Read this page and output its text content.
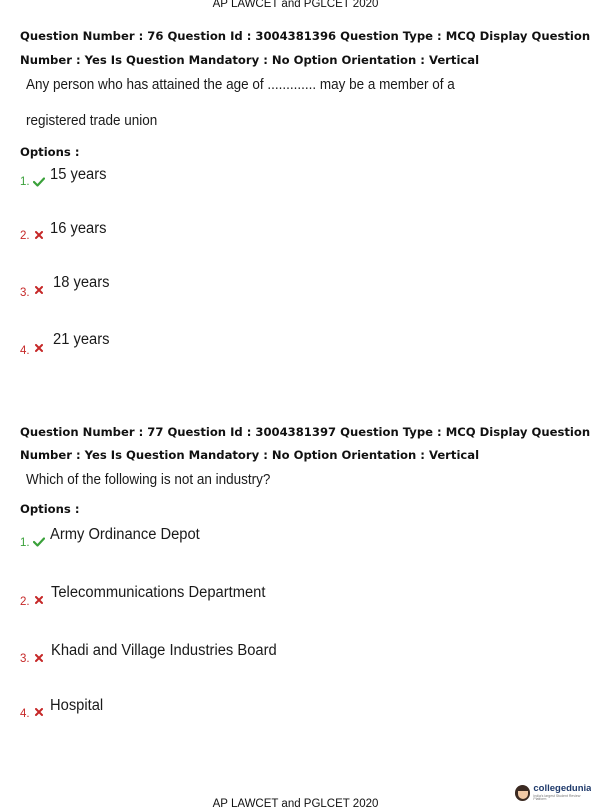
AP LAWCET and PGLCET 2020
Question Number : 76 Question Id : 3004381396 Question Type : MCQ Display Question
Number : Yes Is Question Mandatory : No Option Orientation : Vertical
Any person who has attained the age of ............. may be a member of a
registered trade union
Options :
1. 15 years
2. 16 years
3.
18 years
4.
21 years
Question Number : 77 Question Id : 3004381397 Question Type : MCQ Display Question
Number : Yes Is Question Mandatory : No Option Orientation : Vertical
Which of the following is not an industry?
Options :
1. Army Ordinance Depot
2.
Telecommunications Department
3. Khadi and Village Industries Board
4. Hospital
collegedunia
India's largest Student Review Platform
AP LAWCET and PGLCET 2020
